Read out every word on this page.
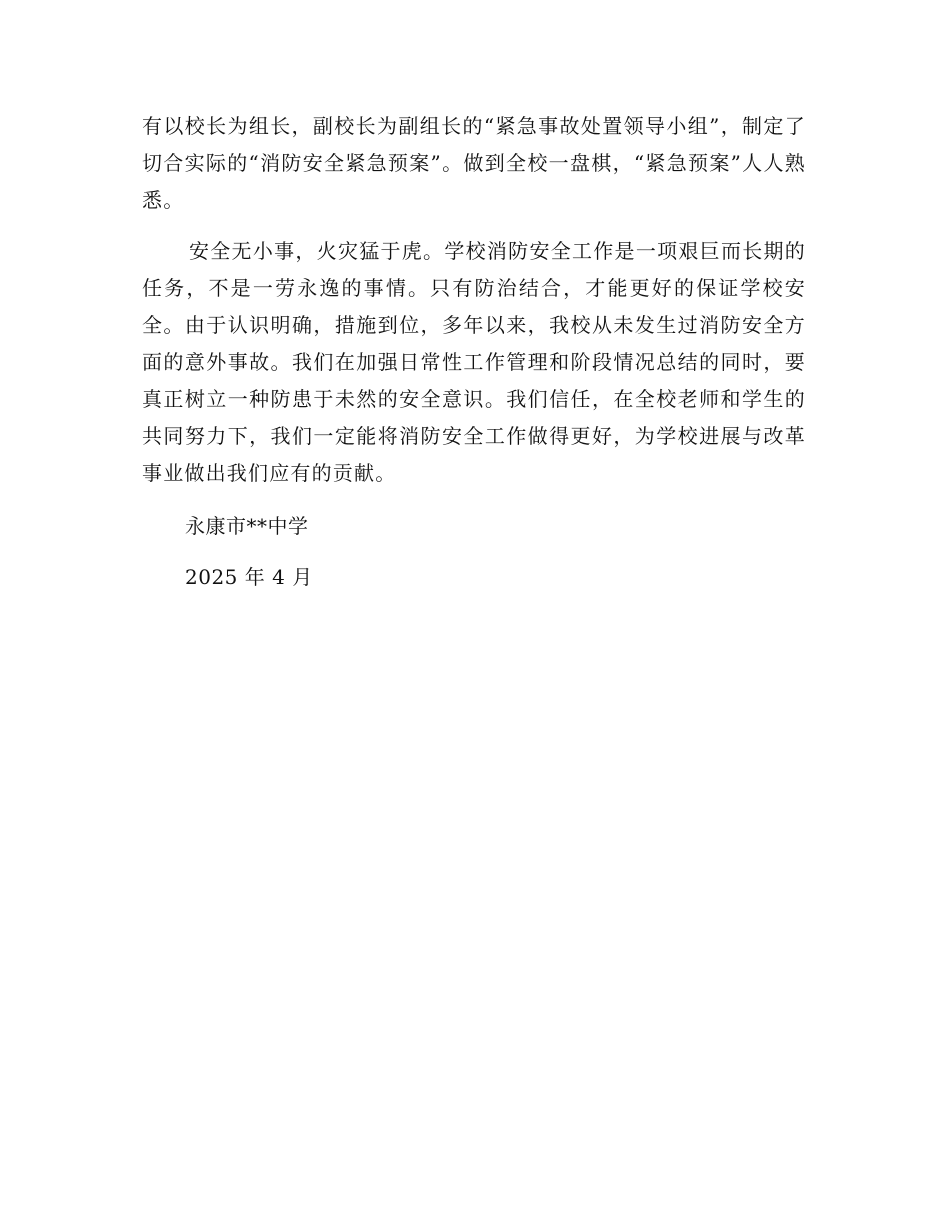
有以校长为组长，副校长为副组长的“紧急事故处置领导小组”，制定了切合实际的“消防安全紧急预案”。做到全校一盘棋，“紧急预案”人人熟悉。

安全无小事，火灾猛于虎。学校消防安全工作是一项艰巨而长期的任务，不是一劳永逸的事情。只有防治结合，才能更好的保证学校安全。由于认识明确，措施到位，多年以来，我校从未发生过消防安全方面的意外事故。我们在加强日常性工作管理和阶段情况总结的同时，要真正树立一种防患于未然的安全意识。我们信任，在全校老师和学生的共同努力下，我们一定能将消防安全工作做得更好，为学校进展与改革事业做出我们应有的贡献。

永康市**中学

2025 年 4 月
